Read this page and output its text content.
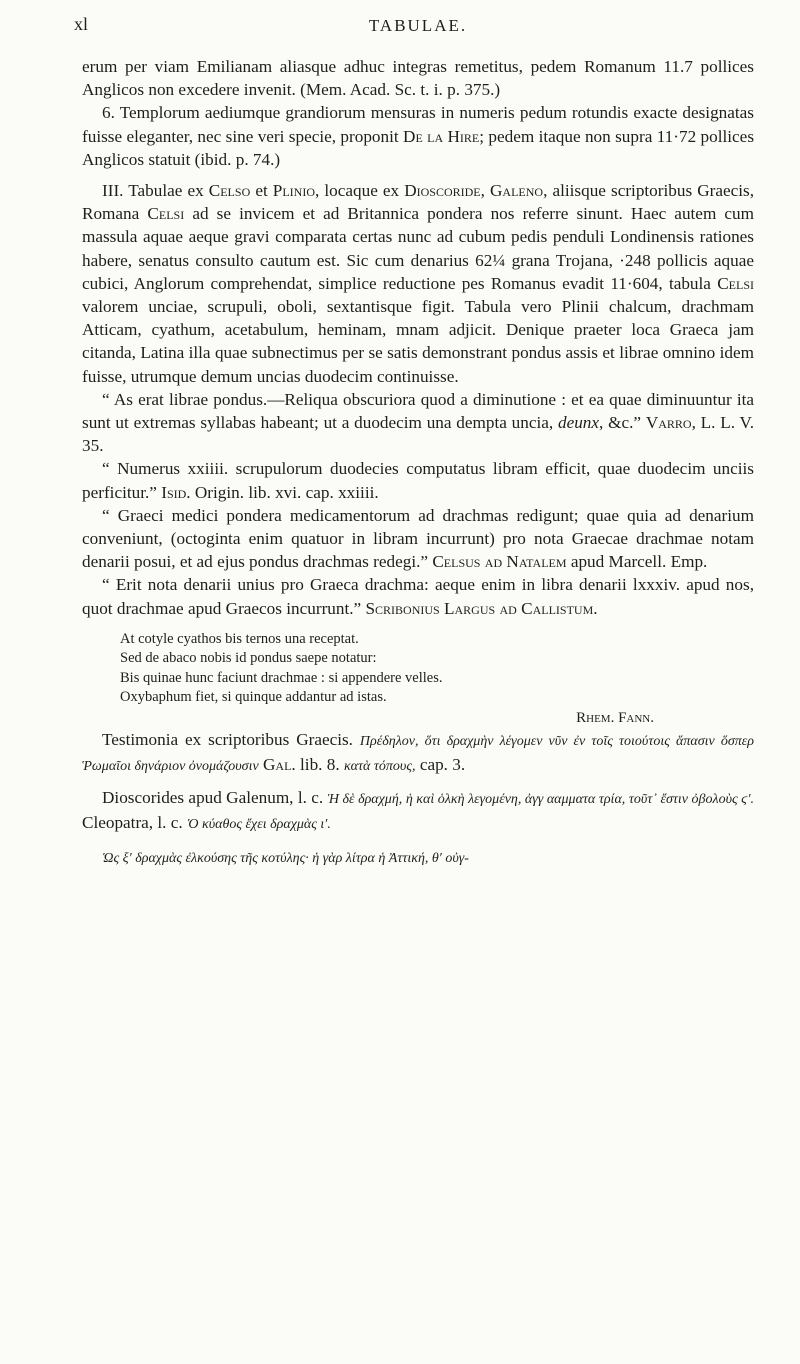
xl	TABULAE.

erum per viam Emilianam aliasque adhuc integras remetitus, pedem Romanum 11.7 pollices Anglicos non excedere invenit. (Mem. Acad. Sc. t. i. p. 375.)

6. Templorum aediumque grandiorum mensuras in numeris pedum rotundis exacte designatas fuisse eleganter, nec sine veri specie, proponit De la Hire; pedem itaque non supra 11·72 pollices Anglicos statuit (ibid. p. 74.)

III. Tabulae ex Celso et Plinio, locaque ex Dioscoride, Galeno, aliisque scriptoribus Graecis, Romana Celsi ad se invicem et ad Britannica pondera nos referre sinunt. Haec autem cum massula aquae aeque gravi comparata certas nunc ad cubum pedis penduli Londinensis rationes habere, senatus consulto cautum est. Sic cum denarius 62¼ grana Trojana, ·248 pollicis aquae cubici, Anglorum comprehendat, simplice reductione pes Romanus evadit 11·604, tabula Celsi valorem unciae, scrupuli, oboli, sextantisque figit. Tabula vero Plinii chalcum, drachmam Atticam, cyathum, acetabulum, heminam, mnam adjicit. Denique praeter loca Graeca jam citanda, Latina illa quae subnectimus per se satis demonstrant pondus assis et librae omnino idem fuisse, utrumque demum uncias duodecim continuisse.

“ As erat librae pondus.—Reliqua obscuriora quod a diminutione : et ea quae diminuuntur ita sunt ut extremas syllabas habeant; ut a duodecim una dempta uncia, deunx, &c.” Varro, L. L. V. 35.

“ Numerus xxiiii. scrupulorum duodecies computatus libram efficit, quae duodecim unciis perficitur.” Isid. Origin. lib. xvi. cap. xxiiii.

“ Graeci medici pondera medicamentorum ad drachmas redigunt; quae quia ad denarium conveniunt, (octoginta enim quatuor in libram incurrunt) pro nota Graecae drachmae notam denarii posui, et ad ejus pondus drachmas redegi.” Celsus ad Natalem apud Marcell. Emp.

“ Erit nota denarii unius pro Graeca drachma: aeque enim in libra denarii lxxxiv. apud nos, quot drachmae apud Graecos incurrunt.” Scribonius Largus ad Callistum.

At cotyle cyathos bis ternos una receptat.
Sed de abaco nobis id pondus saepe notatur:
Bis quinae hunc faciunt drachmae : si appendere velles.
Oxybaphum fiet, si quinque addantur ad istas.
Rhem. Fann.

Testimonia ex scriptoribus Graecis. Πρέδηλον, ὅτι δραχμὴν λέγομεν νῦν ἐν τοῖς τοιούτοις ἅπασιν ὅσπερ Ῥωμαῖοι δηνάριον ὀνομάζουσιν Gal. lib. 8. κατὰ τόπους, cap. 3.

Dioscorides apud Galenum, l. c. Ἡ δὲ δραχμή, ἡ καὶ ὁλκὴ λεγομένη, ἀγγ ααμματα τρία, τοῦτ᾽ ἔστιν ὀβολοὺς ϛ′. Cleopatra, l. c. Ὁ κύαθος ἔχει δραχμὰς ι′.

Ὡς ξ′ δραχμὰς ἐλκούσης τῆς κοτύλης· ἡ γὰρ λίτρα ἡ Ἀττική, θ′ οὐγ-
